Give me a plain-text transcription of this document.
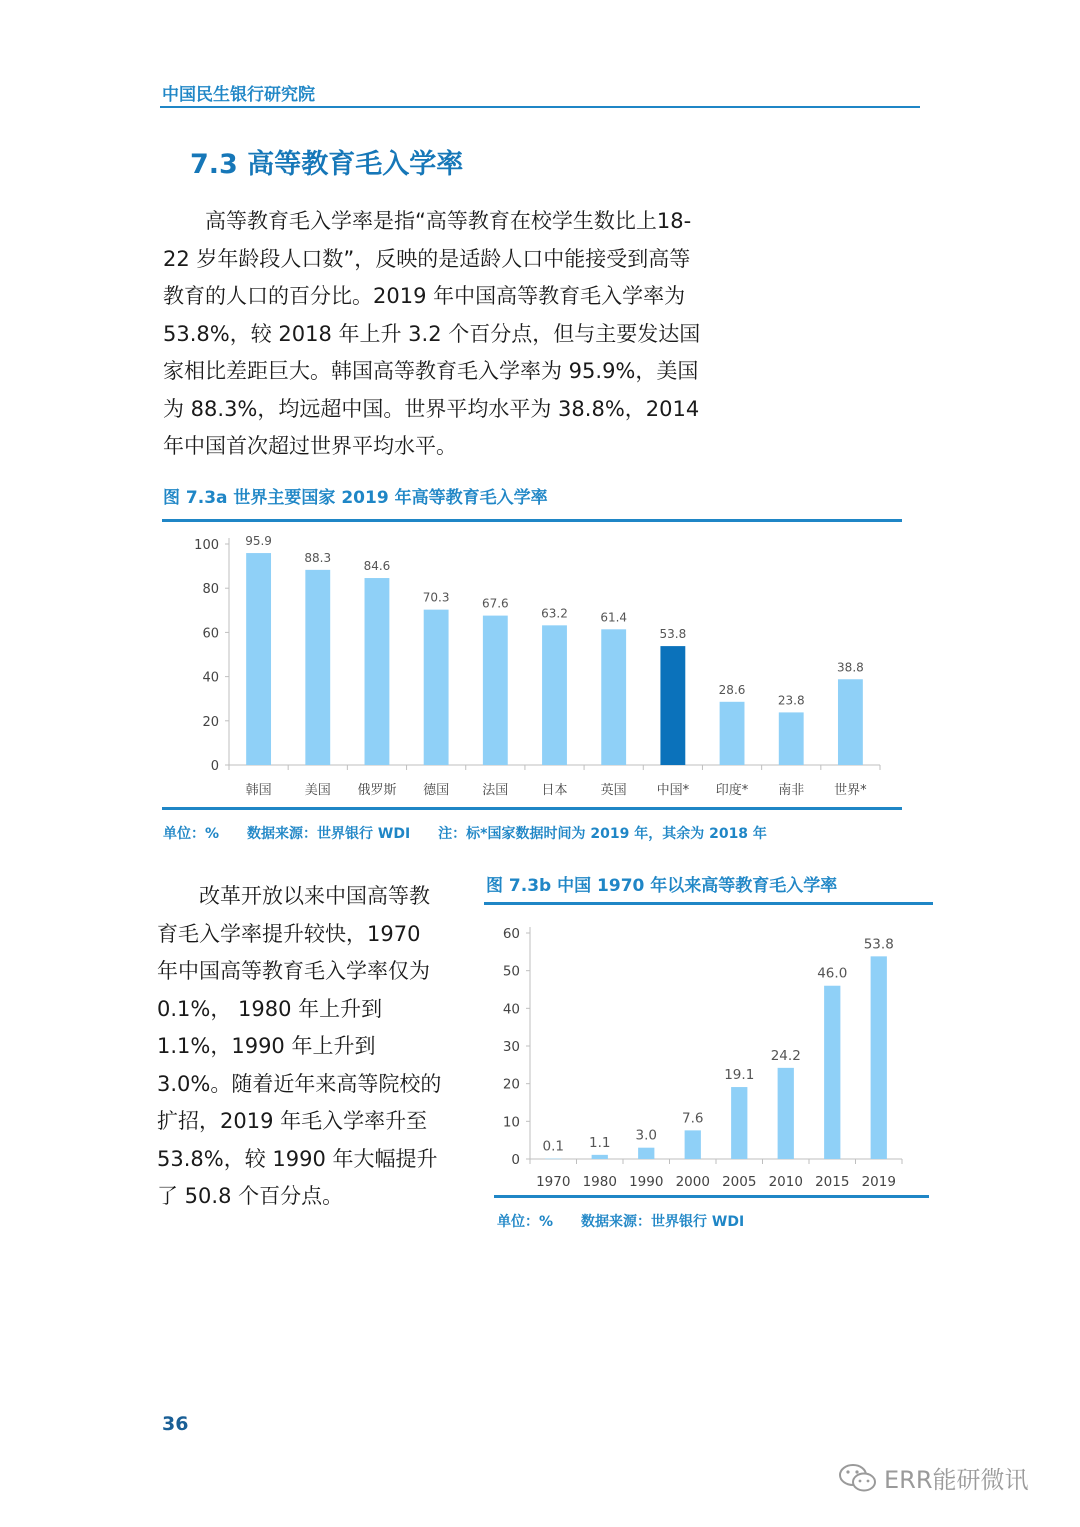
中国民生银行研究院
7.3 高等教育毛入学率

高等教育毛入学率是指“高等教育在校学生数比上18-22 岁年龄段人口数”，反映的是适龄人口中能接受到高等教育的人口的百分比。2019 年中国高等教育毛入学率为 53.8%，较 2018 年上升 3.2 个百分点，但与主要发达国家相比差距巨大。韩国高等教育毛入学率为 95.9%，美国为 88.3%，均远超中国。世界平均水平为 38.8%，2014 年中国首次超过世界平均水平。

图 7.3a 世界主要国家 2019 年高等教育毛入学率
0
20
40
60
80
100 95.9
韩国
88.3
美国
84.6
俄罗斯
70.3
德国
67.6
法国
63.2
日本
61.4
英国
53.8
中国*
28.6
印度*
23.8
南非
38.8
世界*
单位：%　　数据来源：世界银行 WDI　　注：标*国家数据时间为 2019 年，其余为 2018 年

改革开放以来中国高等教育毛入学率提升较快，1970 年中国高等教育毛入学率仅为 0.1%， 1980 年上升到 1.1%，1990 年上升到 3.0%。随着近年来高等院校的扩招，2019 年毛入学率升至 53.8%，较 1990 年大幅提升了 50.8 个百分点。

图 7.3b 中国 1970 年以来高等教育毛入学率
0
10
20
30
40
50
60
0.1
1970
1.1
1980
3.0
1990
7.6
2000
19.1
2005
24.2
2010
46.0
2015
53.8
2019
单位：%　　数据来源：世界银行 WDI
36
ERR能研微讯
